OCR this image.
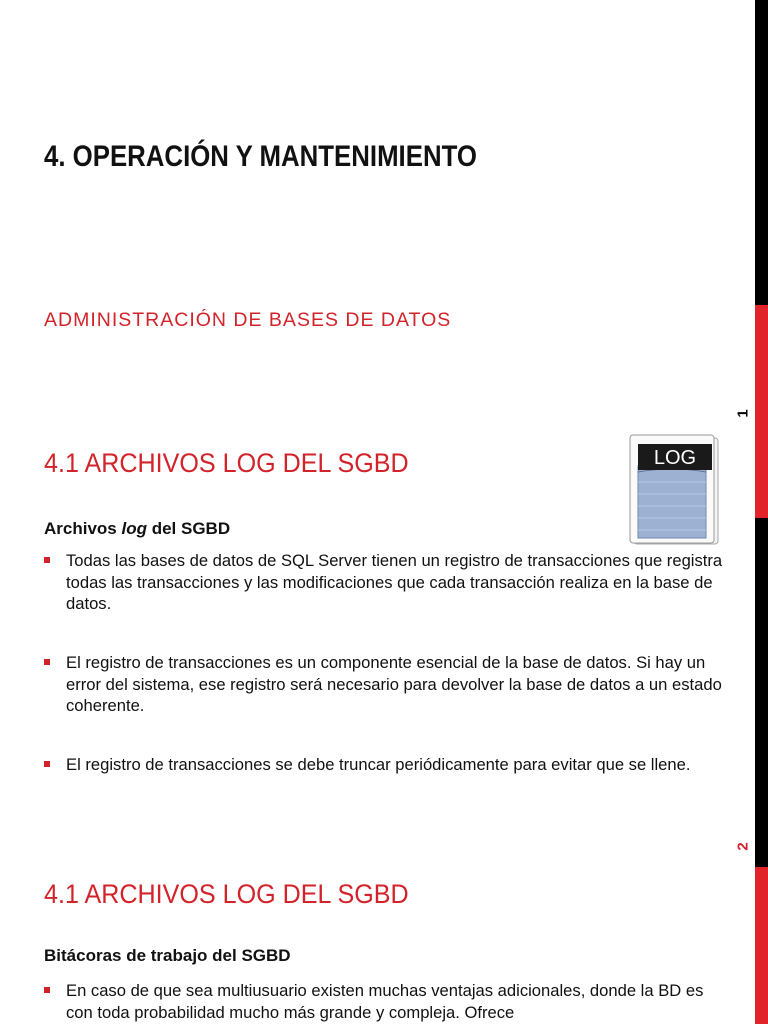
1
2
4. OPERACIÓN Y MANTENIMIENTO
ADMINISTRACIÓN DE BASES DE DATOS
4.1 ARCHIVOS LOG DEL SGBD
Archivos log del SGBD
LOG
Todas las bases de datos de SQL Server tienen un registro de transacciones que registra todas las transacciones y las modificaciones que cada transacción realiza en la base de datos.
El registro de transacciones es un componente esencial de la base de datos. Si hay un error del sistema, ese registro será necesario para devolver la base de datos a un estado coherente.
El registro de transacciones se debe truncar periódicamente para evitar que se llene.
4.1 ARCHIVOS LOG DEL SGBD
Bitácoras de trabajo del SGBD
En caso de que sea multiusuario existen muchas ventajas adicionales, donde la BD es con toda probabilidad mucho más grande y compleja. Ofrece
